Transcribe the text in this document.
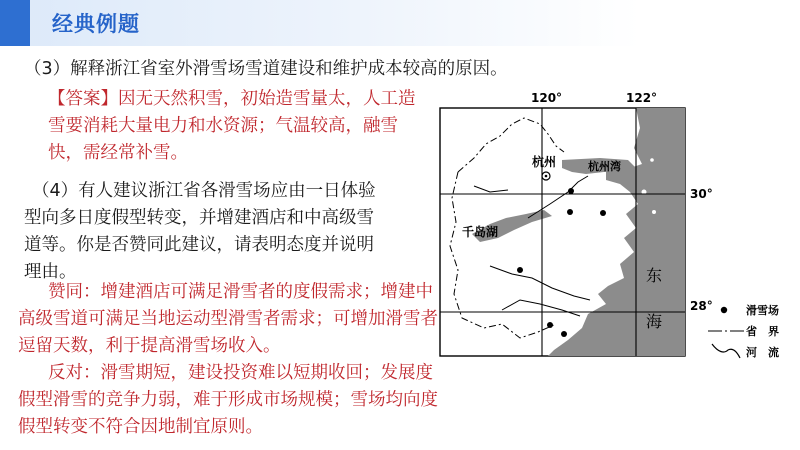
经典例题
（3）解释浙江省室外滑雪场雪道建设和维护成本较高的原因。
【答案】因无天然积雪，初始造雪量太，人工造雪要消耗大量电力和水资源；气温较高，融雪快，需经常补雪。
（4）有人建议浙江省各滑雪场应由一日体验
型向多日度假型转变，并增建酒店和中高级雪
道等。你是否赞同此建议，请表明态度并说明
理由。
赞同：增建酒店可满足滑雪者的度假需求；增建中高级雪道可满足当地运动型滑雪者需求；可增加滑雪者逗留天数，利于提高滑雪场收入。
反对：滑雪期短，建设投资难以短期收回；发展度假型滑雪的竞争力弱，难于形成市场规模；雪场均向度假型转变不符合因地制宜原则。
杭州	杭州湾
千岛湖
东
海
120°	122°
30°
28°	滑雪场
省　界
河　流
